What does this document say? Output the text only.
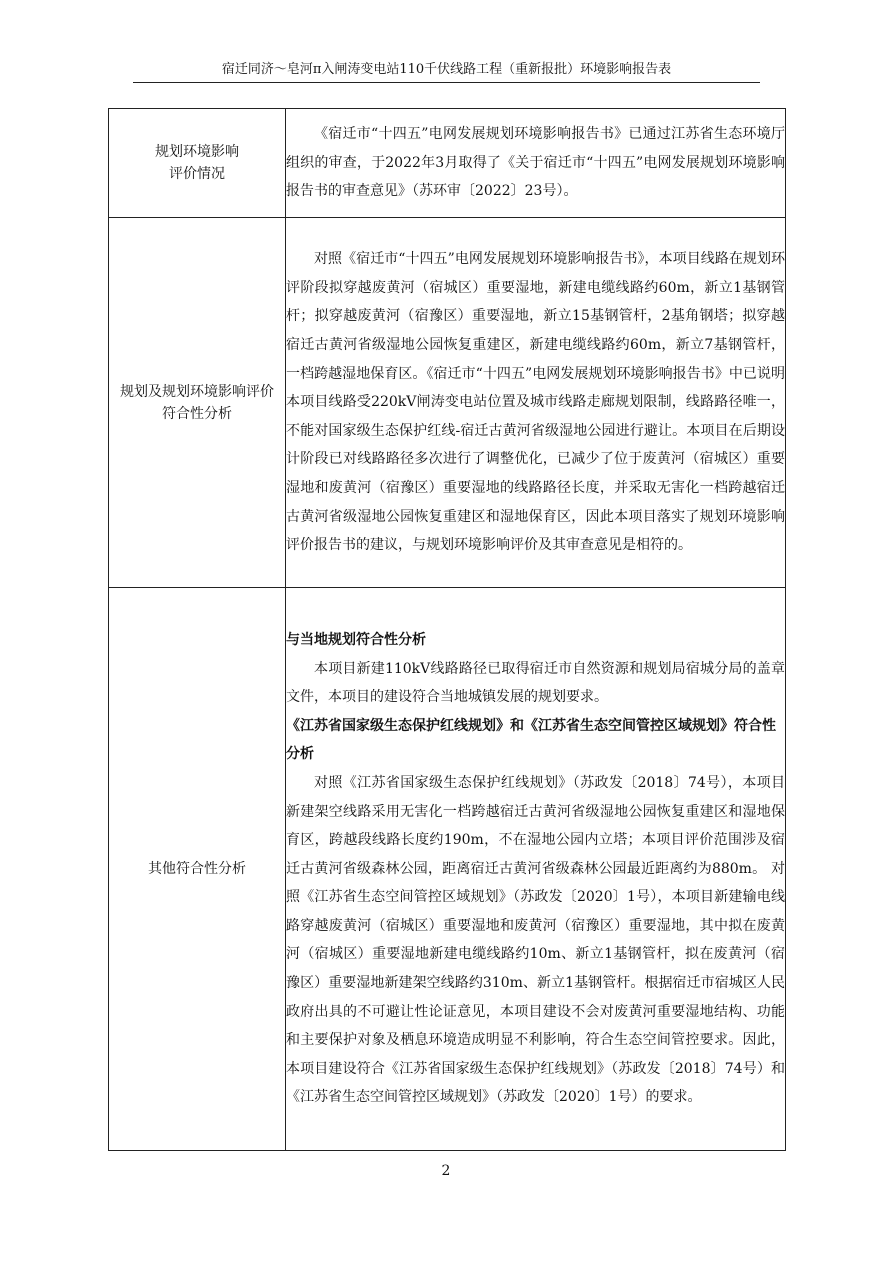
宿迁同济～皂河π入闸涛变电站110千伏线路工程（重新报批）环境影响报告表
规划环境影响
评价情况	《宿迁市“十四五”电网发展规划环境影响报告书》已通过江苏省生态环境厅组织的审查，于2022年3月取得了《关于宿迁市“十四五”电网发展规划环境影响报告书的审查意见》（苏环审〔2022〕23号）。

规划及规划环境影响评价
符合性分析	对照《宿迁市“十四五”电网发展规划环境影响报告书》，本项目线路在规划环评阶段拟穿越废黄河（宿城区）重要湿地，新建电缆线路约60m，新立1基钢管杆；拟穿越废黄河（宿豫区）重要湿地，新立15基钢管杆，2基角钢塔；拟穿越宿迁古黄河省级湿地公园恢复重建区，新建电缆线路约60m，新立7基钢管杆，一档跨越湿地保育区。《宿迁市“十四五”电网发展规划环境影响报告书》中已说明本项目线路受220kV闸涛变电站位置及城市线路走廊规划限制，线路路径唯一，不能对国家级生态保护红线-宿迁古黄河省级湿地公园进行避让。本项目在后期设计阶段已对线路路径多次进行了调整优化，已减少了位于废黄河（宿城区）重要湿地和废黄河（宿豫区）重要湿地的线路路径长度，并采取无害化一档跨越宿迁古黄河省级湿地公园恢复重建区和湿地保育区，因此本项目落实了规划环境影响评价报告书的建议，与规划环境影响评价及其审查意见是相符的。

其他符合性分析	与当地规划符合性分析

本项目新建110kV线路路径已取得宿迁市自然资源和规划局宿城分局的盖章文件，本项目的建设符合当地城镇发展的规划要求。

《江苏省国家级生态保护红线规划》和《江苏省生态空间管控区域规划》符合性分析

对照《江苏省国家级生态保护红线规划》（苏政发〔2018〕74号），本项目新建架空线路采用无害化一档跨越宿迁古黄河省级湿地公园恢复重建区和湿地保育区，跨越段线路长度约190m，不在湿地公园内立塔；本项目评价范围涉及宿迁古黄河省级森林公园，距离宿迁古黄河省级森林公园最近距离约为880m。 对照《江苏省生态空间管控区域规划》（苏政发〔2020〕1号），本项目新建输电线路穿越废黄河（宿城区）重要湿地和废黄河（宿豫区）重要湿地，其中拟在废黄河（宿城区）重要湿地新建电缆线路约10m、新立1基钢管杆，拟在废黄河（宿豫区）重要湿地新建架空线路约310m、新立1基钢管杆。根据宿迁市宿城区人民政府出具的不可避让性论证意见，本项目建设不会对废黄河重要湿地结构、功能和主要保护对象及栖息环境造成明显不利影响，符合生态空间管控要求。因此，本项目建设符合《江苏省国家级生态保护红线规划》（苏政发〔2018〕74号）和《江苏省生态空间管控区域规划》（苏政发〔2020〕1号）的要求。

2
